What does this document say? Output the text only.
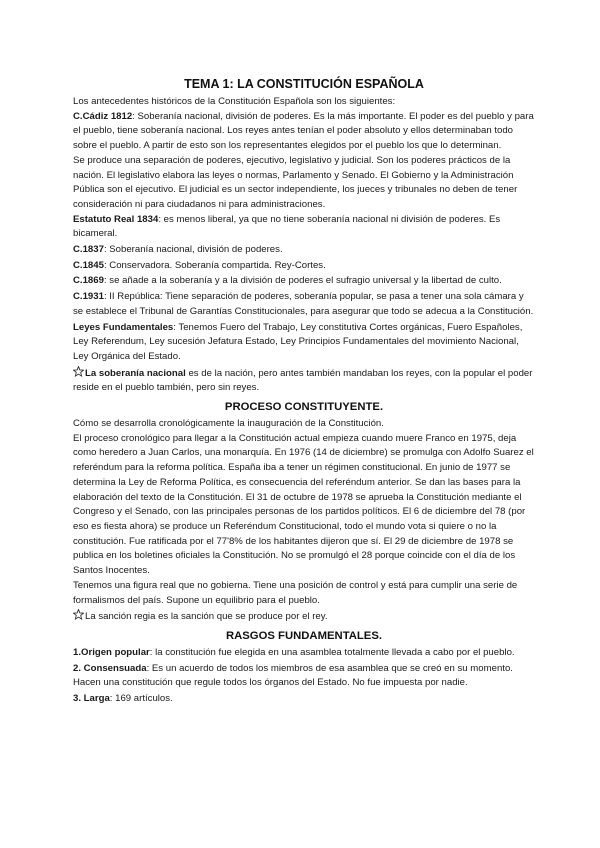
TEMA 1: LA CONSTITUCIÓN ESPAÑOLA

Los antecedentes históricos de la Constitución Española son los siguientes:

C.Cádiz 1812: Soberanía nacional, división de poderes. Es la más importante. El poder es del pueblo y para el pueblo, tiene soberanía nacional. Los reyes antes tenían el poder absoluto y ellos determinaban todo sobre el pueblo. A partir de esto son los representantes elegidos por el pueblo los que lo determinan.

Se produce una separación de poderes, ejecutivo, legislativo y judicial. Son los poderes prácticos de la nación. El legislativo elabora las leyes o normas, Parlamento y Senado. El Gobierno y la Administración Pública son el ejecutivo. El judicial es un sector independiente, los jueces y tribunales no deben de tener consideración ni para ciudadanos ni para administraciones.

Estatuto Real 1834: es menos liberal, ya que no tiene soberanía nacional ni división de poderes. Es bicameral.

C.1837: Soberanía nacional, división de poderes.

C.1845: Conservadora. Soberanía compartida. Rey-Cortes.

C.1869: se añade a la soberanía y a la división de poderes el sufragio universal y la libertad de culto.

C.1931: II República: Tiene separación de poderes, soberanía popular, se pasa a tener una sola cámara y se establece el Tribunal de Garantías Constitucionales, para asegurar que todo se adecua a la Constitución.

Leyes Fundamentales: Tenemos Fuero del Trabajo, Ley constitutiva Cortes orgánicas, Fuero Españoles, Ley Referendum, Ley sucesión Jefatura Estado, Ley Principios Fundamentales del movimiento Nacional, Ley Orgánica del Estado.

La soberanía nacional es de la nación, pero antes también mandaban los reyes, con la popular el poder reside en el pueblo también, pero sin reyes.

PROCESO CONSTITUYENTE.

Cómo se desarrolla cronológicamente la inauguración de la Constitución.

El proceso cronológico para llegar a la Constitución actual empieza cuando muere Franco en 1975, deja como heredero a Juan Carlos, una monarquía. En 1976 (14 de diciembre) se promulga con Adolfo Suarez el referéndum para la reforma política. España iba a tener un régimen constitucional. En junio de 1977 se determina la Ley de Reforma Política, es consecuencia del referéndum anterior. Se dan las bases para la elaboración del texto de la Constitución. El 31 de octubre de 1978 se aprueba la Constitución mediante el Congreso y el Senado, con las principales personas de los partidos políticos. El 6 de diciembre del 78 (por eso es fiesta ahora) se produce un Referéndum Constitucional, todo el mundo vota si quiere o no la constitución. Fue ratificada por el 77'8% de los habitantes dijeron que sí. El 29 de diciembre de 1978 se publica en los boletines oficiales la Constitución. No se promulgó el 28 porque coincide con el día de los Santos Inocentes.

Tenemos una figura real que no gobierna. Tiene una posición de control y está para cumplir una serie de formalismos del país. Supone un equilibrio para el pueblo.

La sanción regia es la sanción que se produce por el rey.

RASGOS FUNDAMENTALES.

1.Origen popular: la constitución fue elegida en una asamblea totalmente llevada a cabo por el pueblo.

2. Consensuada: Es un acuerdo de todos los miembros de esa asamblea que se creó en su momento. Hacen una constitución que regule todos los órganos del Estado. No fue impuesta por nadie.

3. Larga: 169 artículos.
